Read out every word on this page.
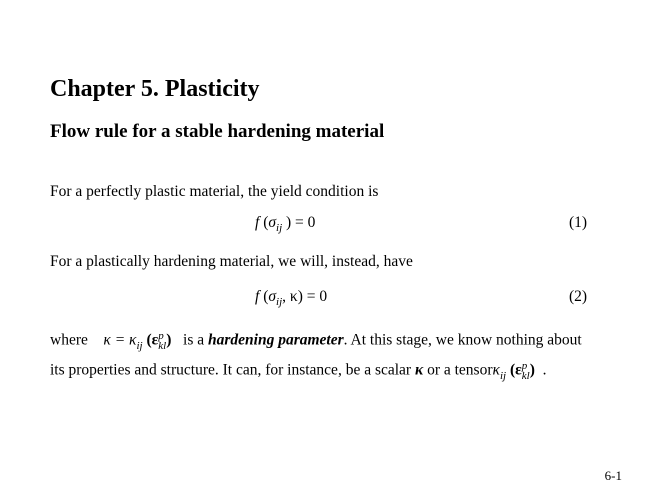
Chapter 5. Plasticity
Flow rule for a stable hardening material
For a perfectly plastic material, the yield condition is
f ($\sigma_{ij}$ ) = 0	(1)
For a plastically hardening material, we will, instead, have
f ($\sigma_{ij}$, κ) = 0	(2)
where $\kappa = \kappa_{ij}$ (ε p
kl ) is a hardening parameter. At this stage, we know nothing about
its properties and structure. It can, for instance, be a scalar κ or a tensorκ$_{ij}$ (ε p
kl ) .
6-1
